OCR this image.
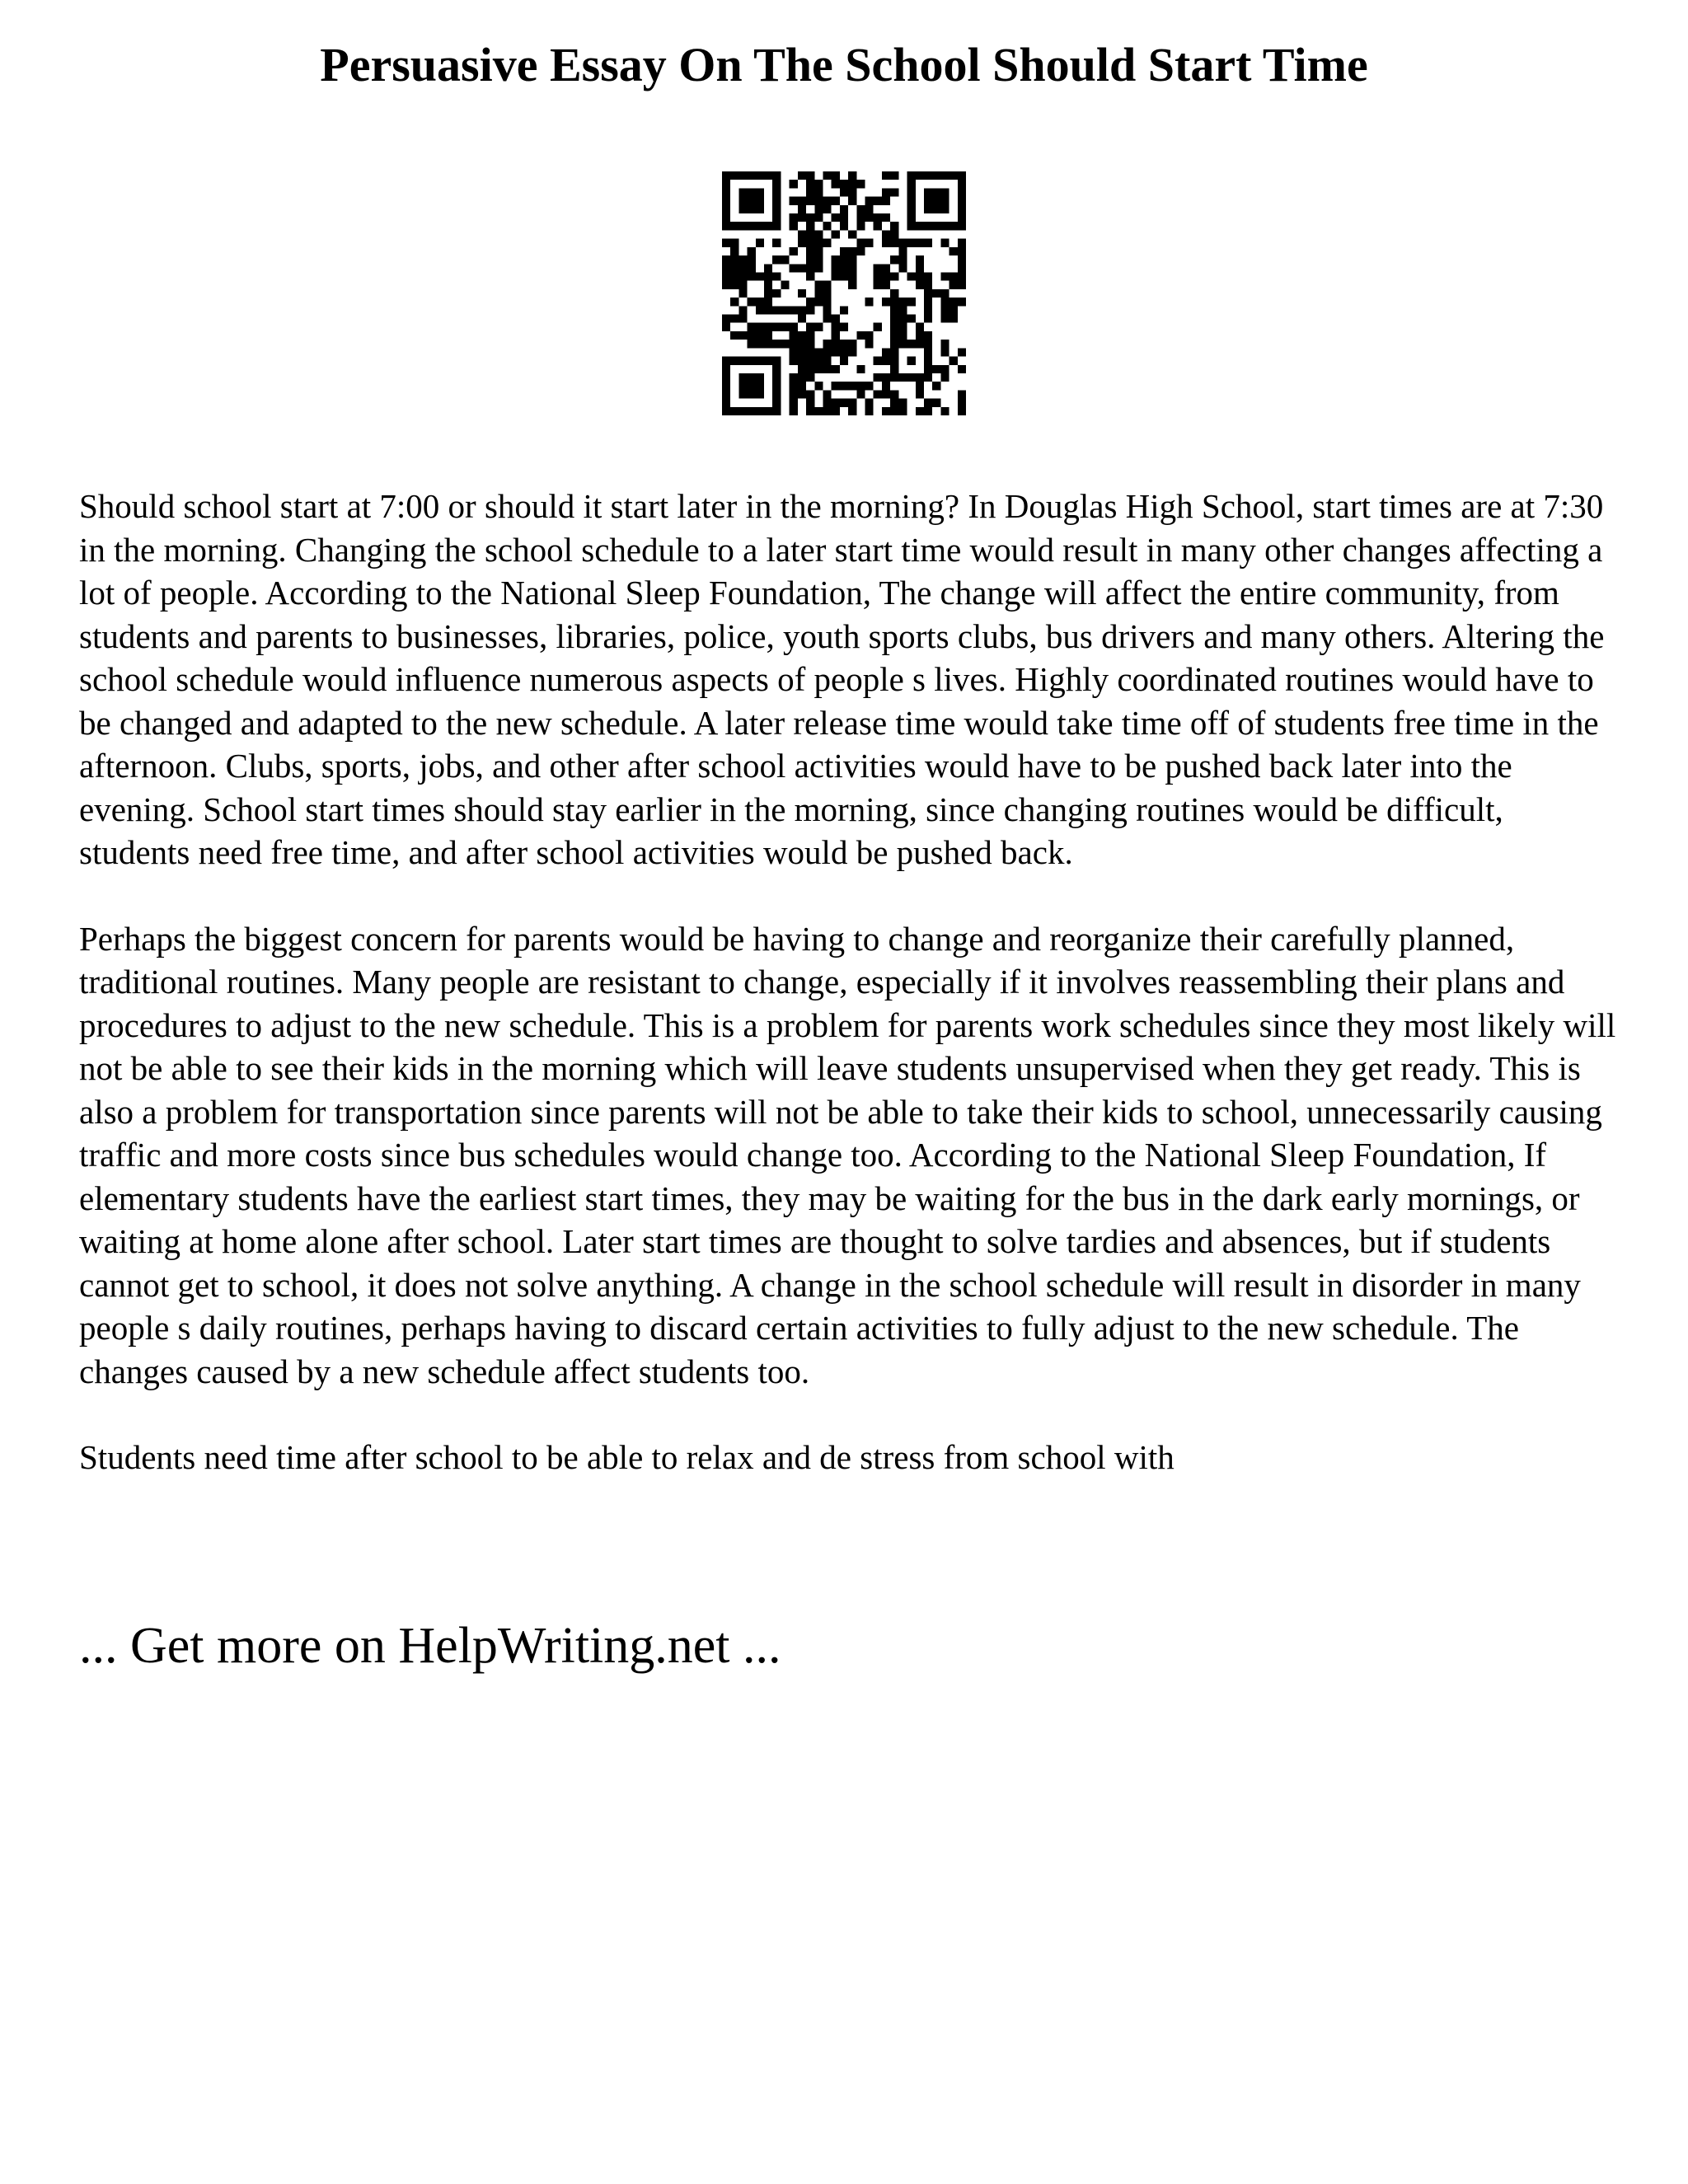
Persuasive Essay On The School Should Start Time

Should school start at 7:00 or should it start later in the morning? In Douglas High School, start times are at 7:30 in the morning. Changing the school schedule to a later start time would result in many other changes affecting a lot of people. According to the National Sleep Foundation, The change will affect the entire community, from students and parents to businesses, libraries, police, youth sports clubs, bus drivers and many others. Altering the school schedule would influence numerous aspects of people s lives. Highly coordinated routines would have to be changed and adapted to the new schedule. A later release time would take time off of students free time in the afternoon. Clubs, sports, jobs, and other after school activities would have to be pushed back later into the evening. School start times should stay earlier in the morning, since changing routines would be difficult, students need free time, and after school activities would be pushed back.

Perhaps the biggest concern for parents would be having to change and reorganize their carefully planned, traditional routines. Many people are resistant to change, especially if it involves reassembling their plans and procedures to adjust to the new schedule. This is a problem for parents work schedules since they most likely will not be able to see their kids in the morning which will leave students unsupervised when they get ready. This is also a problem for transportation since parents will not be able to take their kids to school, unnecessarily causing traffic and more costs since bus schedules would change too. According to the National Sleep Foundation, If elementary students have the earliest start times, they may be waiting for the bus in the dark early mornings, or waiting at home alone after school. Later start times are thought to solve tardies and absences, but if students cannot get to school, it does not solve anything. A change in the school schedule will result in disorder in many people s daily routines, perhaps having to discard certain activities to fully adjust to the new schedule. The changes caused by a new schedule affect students too.

Students need time after school to be able to relax and de stress from school with

... Get more on HelpWriting.net ...
